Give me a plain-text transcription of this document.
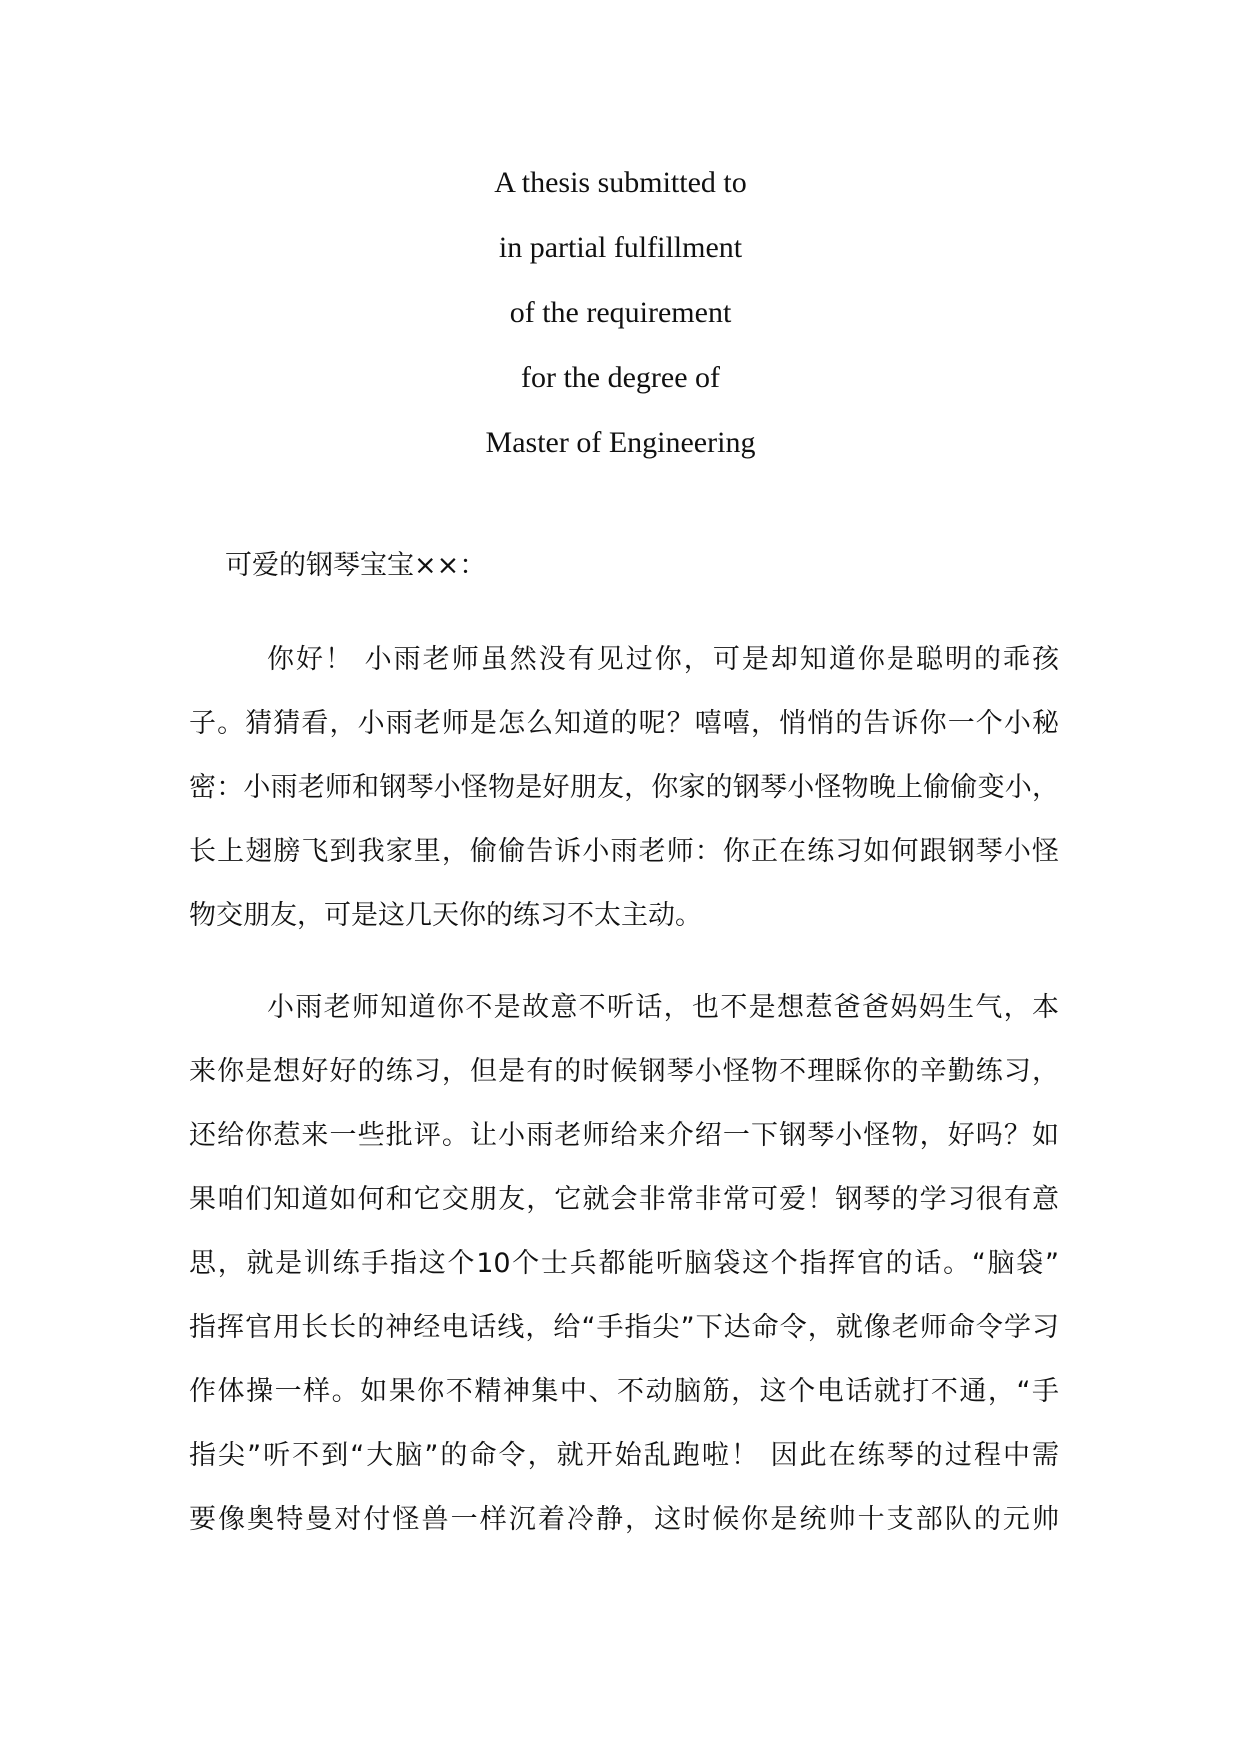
A thesis submitted to
in partial fulfillment
of the requirement
for the degree of
Master of Engineering
可爱的钢琴宝宝××：
你好！ 小雨老师虽然没有见过你，可是却知道你是聪明的乖孩
子。猜猜看，小雨老师是怎么知道的呢？嘻嘻，悄悄的告诉你一个小秘
密：小雨老师和钢琴小怪物是好朋友，你家的钢琴小怪物晚上偷偷变小，
长上翅膀飞到我家里，偷偷告诉小雨老师：你正在练习如何跟钢琴小怪
物交朋友，可是这几天你的练习不太主动。
小雨老师知道你不是故意不听话，也不是想惹爸爸妈妈生气，本
来你是想好好的练习，但是有的时候钢琴小怪物不理睬你的辛勤练习，
还给你惹来一些批评。让小雨老师给来介绍一下钢琴小怪物，好吗？如
果咱们知道如何和它交朋友，它就会非常非常可爱！钢琴的学习很有意
思，就是训练手指这个10个士兵都能听脑袋这个指挥官的话。“脑袋”
指挥官用长长的神经电话线，给“手指尖”下达命令，就像老师命令学习
作体操一样。如果你不精神集中、不动脑筋，这个电话就打不通，“手
指尖”听不到“大脑”的命令，就开始乱跑啦！ 因此在练琴的过程中需
要像奥特曼对付怪兽一样沉着冷静，这时候你是统帅十支部队的元帅
